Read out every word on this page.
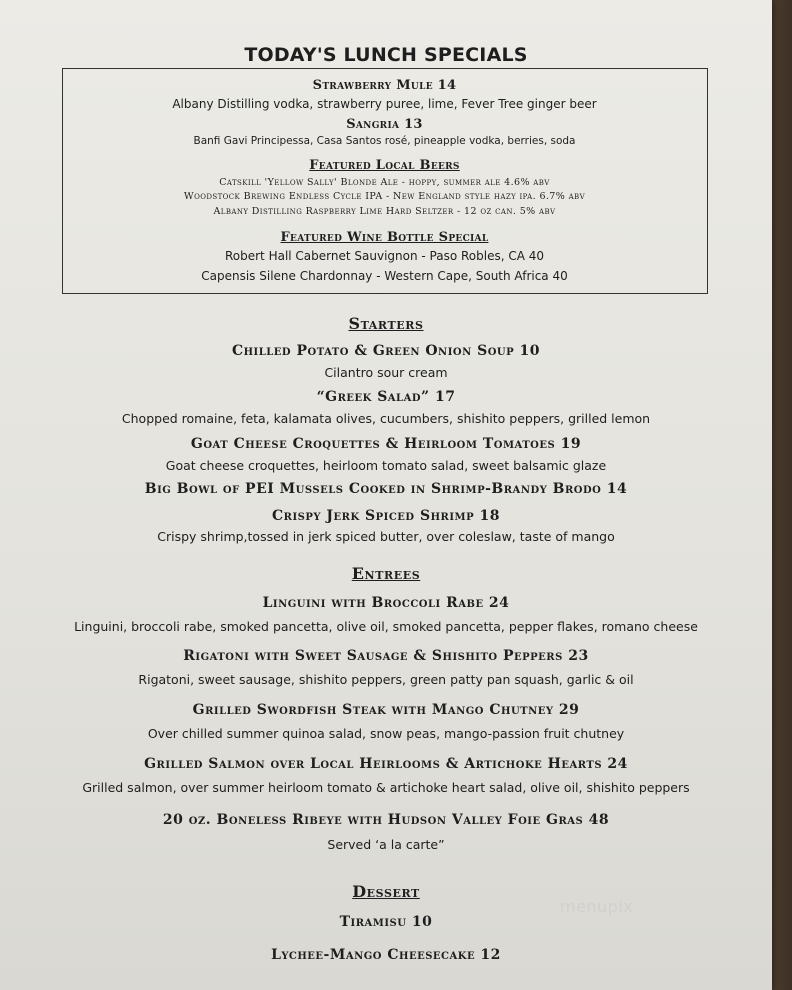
TODAY'S LUNCH SPECIALS
Strawberry Mule 14
Albany Distilling vodka, strawberry puree, lime, Fever Tree ginger beer
Sangria 13
Banfi Gavi Principessa, Casa Santos rosé, pineapple vodka, berries, soda
Featured Local Beers
Catskill 'Yellow Sally' Blonde Ale - hoppy, summer ale 4.6% abv
Woodstock Brewing Endless Cycle IPA - New England style hazy ipa. 6.7% abv
Albany Distilling Raspberry Lime Hard Seltzer - 12 oz can. 5% abv
Featured Wine Bottle Special
Robert Hall Cabernet Sauvignon - Paso Robles, CA 40
Capensis Silene Chardonnay - Western Cape, South Africa 40
Starters
Chilled Potato & Green Onion Soup 10
Cilantro sour cream
“Greek Salad” 17
Chopped romaine, feta, kalamata olives, cucumbers, shishito peppers, grilled lemon
Goat Cheese Croquettes & Heirloom Tomatoes 19
Goat cheese croquettes, heirloom tomato salad, sweet balsamic glaze
Big Bowl of PEI Mussels Cooked in Shrimp-Brandy Brodo 14
Crispy Jerk Spiced Shrimp 18
Crispy shrimp,tossed in jerk spiced butter, over coleslaw, taste of mango
Entrees
Linguini with Broccoli Rabe 24
Linguini, broccoli rabe, smoked pancetta, olive oil, smoked pancetta, pepper flakes, romano cheese
Rigatoni with Sweet Sausage & Shishito Peppers 23
Rigatoni, sweet sausage, shishito peppers, green patty pan squash, garlic & oil
Grilled Swordfish Steak with Mango Chutney 29
Over chilled summer quinoa salad, snow peas, mango-passion fruit chutney
Grilled Salmon over Local Heirlooms & Artichoke Hearts 24
Grilled salmon, over summer heirloom tomato & artichoke heart salad, olive oil, shishito peppers
20 oz. Boneless Ribeye with Hudson Valley Foie Gras 48
Served ‘a la carte”
Dessert
Tiramisu 10
Lychee-Mango Cheesecake 12
menupix
